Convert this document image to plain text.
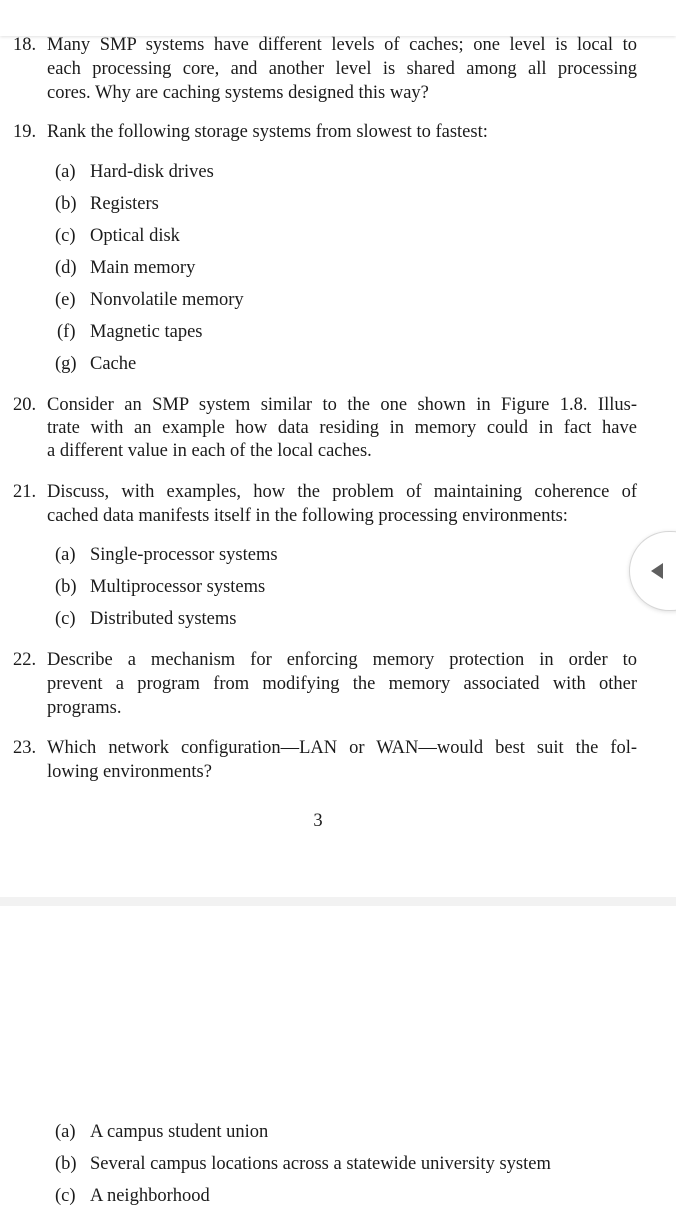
18. Many SMP systems have different levels of caches; one level is local to
each processing core, and another level is shared among all processing
cores. Why are caching systems designed this way?
19. Rank the following storage systems from slowest to fastest:
(a) Hard-disk drives
(b) Registers
(c) Optical disk
(d) Main memory
(e) Nonvolatile memory
(f) Magnetic tapes
(g) Cache
20. Consider an SMP system similar to the one shown in Figure 1.8. Illus-
trate with an example how data residing in memory could in fact have
a different value in each of the local caches.
21. Discuss, with examples, how the problem of maintaining coherence of
cached data manifests itself in the following processing environments:
(a) Single-processor systems
(b) Multiprocessor systems
(c) Distributed systems
22. Describe a mechanism for enforcing memory protection in order to
prevent a program from modifying the memory associated with other
programs.
23. Which network configuration—LAN or WAN—would best suit the fol-
lowing environments?
3
(a) A campus student union
(b) Several campus locations across a statewide university system
(c) A neighborhood
